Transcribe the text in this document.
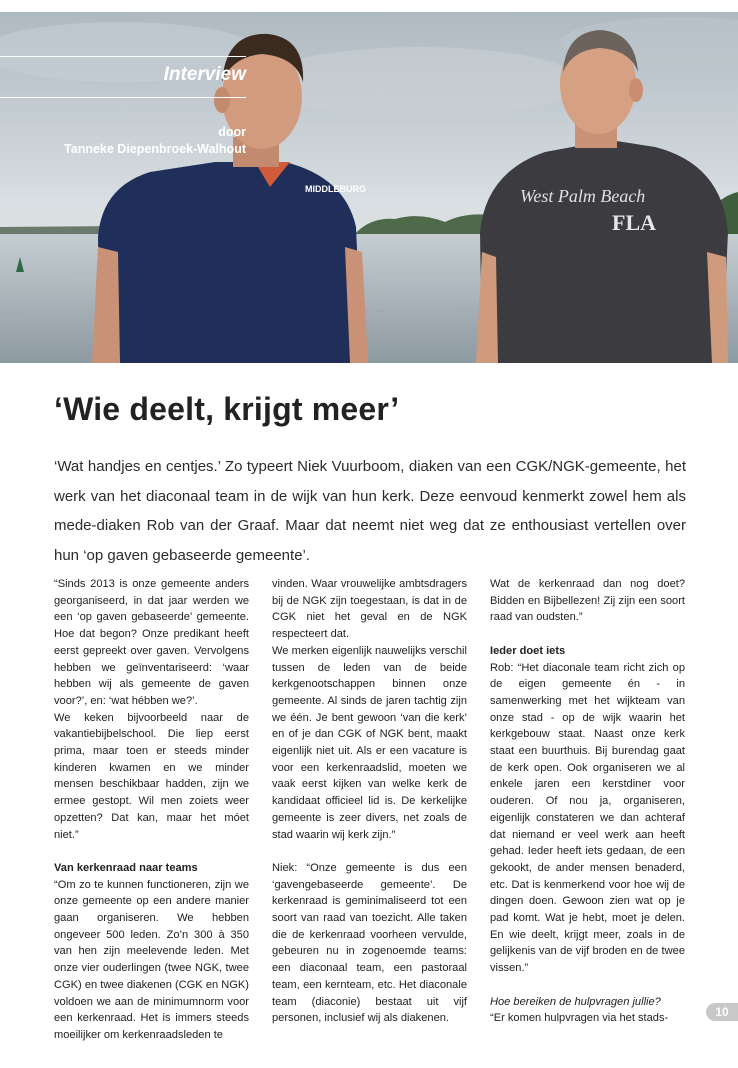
MIDDLEBURG	West Palm Beach
FLA
Interview
door
Tanneke Diepenbroek-Walhout
‘Wie deelt, krijgt meer’

‘Wat handjes en centjes.’ Zo typeert Niek Vuurboom, diaken van een CGK/NGK-gemeente, het werk van het diaconaal team in de wijk van hun kerk. Deze eenvoud kenmerkt zowel hem als mede-diaken Rob van der Graaf. Maar dat neemt niet weg dat ze enthousiast vertellen over hun ‘op gaven gebaseerde gemeente’.

“Sinds 2013 is onze gemeente anders georganiseerd, in dat jaar werden we een ‘op gaven gebaseerde’ gemeente. Hoe dat begon? Onze predikant heeft eerst gepreekt over gaven. Vervolgens hebben we geïnventariseerd: ‘waar hebben wij als gemeente de gaven voor?’, en: ‘wat hébben we?’.

We keken bijvoorbeeld naar de vakantiebijbelschool. Die liep eerst prima, maar toen er steeds minder kinderen kwamen en we minder mensen beschikbaar hadden, zijn we ermee gestopt. Wil men zoiets weer opzetten? Dat kan, maar het móet niet.”

Van kerkenraad naar teams

“Om zo te kunnen functioneren, zijn we onze gemeente op een andere manier gaan organiseren. We hebben ongeveer 500 leden. Zo’n 300 à 350 van hen zijn meelevende leden. Met onze vier ouderlingen (twee NGK, twee CGK) en twee diakenen (CGK en NGK) voldoen we aan de minimumnorm voor een kerkenraad. Het is immers steeds moeilijker om kerkenraadsleden te

vinden. Waar vrouwelijke ambtsdragers bij de NGK zijn toegestaan, is dat in de CGK niet het geval en de NGK respecteert dat.

We merken eigenlijk nauwelijks verschil tussen de leden van de beide kerkgenootschappen binnen onze gemeente. Al sinds de jaren tachtig zijn we één. Je bent gewoon ‘van die kerk’ en of je dan CGK of NGK bent, maakt eigenlijk niet uit. Als er een vacature is voor een kerkenraadslid, moeten we vaak eerst kijken van welke kerk de kandidaat officieel lid is. De kerkelijke gemeente is zeer divers, net zoals de stad waarin wij kerk zijn.”

Niek: “Onze gemeente is dus een ‘gavengebaseerde gemeente’. De kerkenraad is geminimaliseerd tot een soort van raad van toezicht. Alle taken die de kerkenraad voorheen vervulde, gebeuren nu in zogenoemde teams: een diaconaal team, een pastoraal team, een kernteam, etc. Het diaconale team (diaconie) bestaat uit vijf personen, inclusief wij als diakenen.

Wat de kerkenraad dan nog doet? Bidden en Bijbellezen! Zij zijn een soort raad van oudsten.”

Ieder doet iets

Rob: “Het diaconale team richt zich op de eigen gemeente én - in samenwerking met het wijkteam van onze stad - op de wijk waarin het kerkgebouw staat. Naast onze kerk staat een buurthuis. Bij burendag gaat de kerk open. Ook organiseren we al enkele jaren een kerstdiner voor ouderen. Of nou ja, organiseren, eigenlijk constateren we dan achteraf dat niemand er veel werk aan heeft gehad. Ieder heeft iets gedaan, de een gekookt, de ander mensen benaderd, etc. Dat is kenmerkend voor hoe wij de dingen doen. Gewoon zien wat op je pad komt. Wat je hebt, moet je delen. En wie deelt, krijgt meer, zoals in de gelijkenis van de vijf broden en de twee vissen.”

Hoe bereiken de hulpvragen jullie?

“Er komen hulpvragen via het stads-	10
